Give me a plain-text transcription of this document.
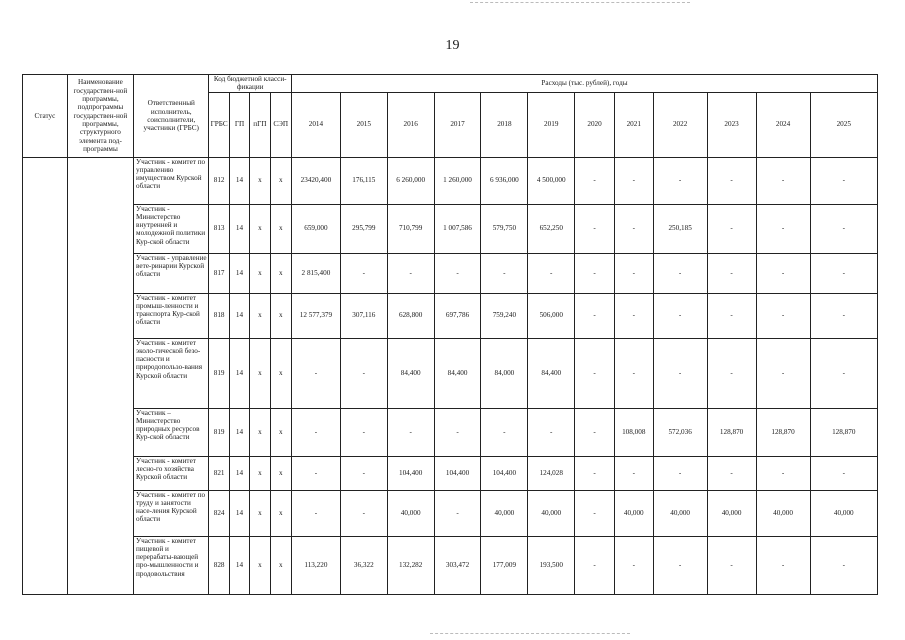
19
Статус	Наименование государствен-ной программы, подпрограммы государствен-ной программы, структурного элемента под-программы	Ответственный исполнитель, соисполнители, участники (ГРБС)	Код бюджетной класси-фикации				Расходы (тыс. рублей), годы											
			ГРБС	ГП	пГП	СЭП	2014	2015	2016	2017	2018	2019	2020	2021	2022	2023	2024	2025
		Участник - комитет по управлению имуществом Курской области	812	14	х	х	23420,400	176,115	6 260,000	1 260,000	6 936,000	4 500,000	-	-	-	-	-	-
		Участник - Министерство внутренней и молодежной политики Кур-ской области	813	14	х	х	659,000	295,799	710,799	1 007,586	579,750	652,250	-	-	250,185	-	-	-
		Участник - управление вете-ринарии Курской области	817	14	х	х	2 815,400	-	-	-	-	-	-	-	-	-	-	-
		Участник - комитет промыш-ленности и транспорта Кур-ской области	818	14	х	х	12 577,379	307,116	628,800	697,786	759,240	506,000	-	-	-	-	-	-
		Участник - комитет эколо-гической безо-пасности и природопользо-вания Курской области	819	14	х	х	-	-	84,400	84,400	84,000	84,400	-	-	-	-	-	-
		Участник – Министерство природных ресурсов Кур-ской области	819	14	х	х	-	-	-	-	-	-	-	108,008	572,036	128,870	128,870	128,870
		Участник - комитет лесно-го хозяйства Курской области	821	14	х	х	-	-	104,400	104,400	104,400	124,028	-	-	-	-	-	-
		Участник - комитет по труду и занятости насе-ления Курской области	824	14	х	х	-	-	40,000	-	40,000	40,000	-	40,000	40,000	40,000	40,000	40,000
		Участник - комитет пищевой и перерабаты-вающей про-мышленности и продовольствия	828	14	х	х	113,220	36,322	132,282	303,472	177,009	193,500	-	-	-	-	-	-
